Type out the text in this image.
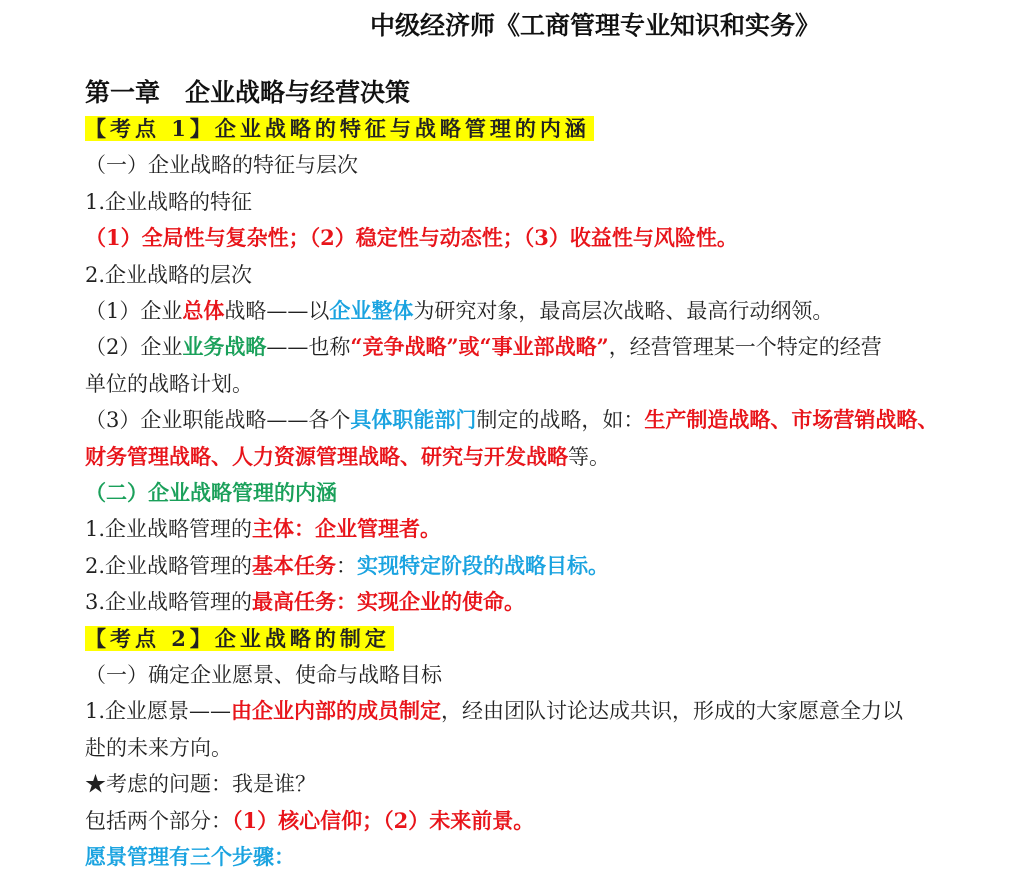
中级经济师《工商管理专业知识和实务》
第一章　企业战略与经营决策
【考点 1】企业战略的特征与战略管理的内涵
（一）企业战略的特征与层次
1.企业战略的特征
（1）全局性与复杂性；（2）稳定性与动态性；（3）收益性与风险性。
2.企业战略的层次
（1）企业总体战略——以企业整体为研究对象，最高层次战略、最高行动纲领。
（2）企业业务战略——也称“竞争战略”或“事业部战略”，经营管理某一个特定的经营
单位的战略计划。
（3）企业职能战略——各个具体职能部门制定的战略，如：生产制造战略、市场营销战略、
财务管理战略、人力资源管理战略、研究与开发战略等。
（二）企业战略管理的内涵
1.企业战略管理的主体：企业管理者。
2.企业战略管理的基本任务：实现特定阶段的战略目标。
3.企业战略管理的最高任务：实现企业的使命。
【考点 2】企业战略的制定
（一）确定企业愿景、使命与战略目标
1.企业愿景——由企业内部的成员制定，经由团队讨论达成共识，形成的大家愿意全力以
赴的未来方向。
★考虑的问题：我是谁？
包括两个部分：（1）核心信仰；（2）未来前景。
愿景管理有三个步骤：
